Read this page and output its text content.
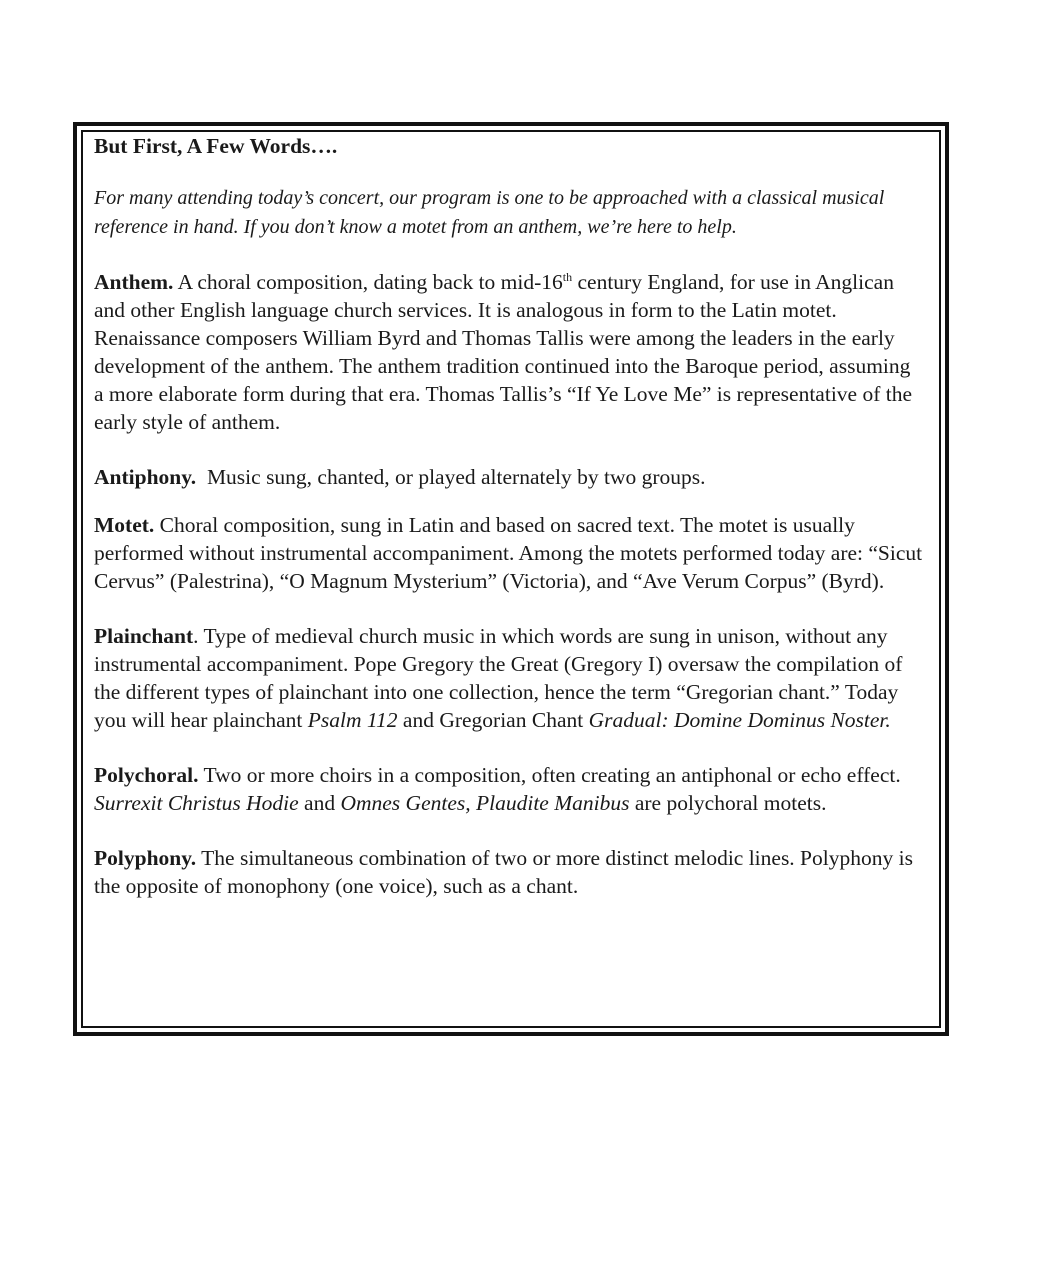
But First, A Few Words….

For many attending today’s concert, our program is one to be approached with a classical musical reference in hand. If you don’t know a motet from an anthem, we’re here to help.

Anthem. A choral composition, dating back to mid-16th century England, for use in Anglican and other English language church services. It is analogous in form to the Latin motet. Renaissance composers William Byrd and Thomas Tallis were among the leaders in the early development of the anthem. The anthem tradition continued into the Baroque period, assuming a more elaborate form during that era. Thomas Tallis’s “If Ye Love Me” is representative of the early style of anthem.

Antiphony.  Music sung, chanted, or played alternately by two groups.

Motet. Choral composition, sung in Latin and based on sacred text. The motet is usually performed without instrumental accompaniment. Among the motets performed today are: “Sicut Cervus” (Palestrina), “O Magnum Mysterium” (Victoria), and “Ave Verum Corpus” (Byrd).

Plainchant. Type of medieval church music in which words are sung in unison, without any instrumental accompaniment. Pope Gregory the Great (Gregory I) oversaw the compilation of the different types of plainchant into one collection, hence the term “Gregorian chant.” Today you will hear plainchant Psalm 112 and Gregorian Chant Gradual: Domine Dominus Noster.

Polychoral. Two or more choirs in a composition, often creating an antiphonal or echo effect. Surrexit Christus Hodie and Omnes Gentes, Plaudite Manibus are polychoral motets.

Polyphony. The simultaneous combination of two or more distinct melodic lines. Polyphony is the opposite of monophony (one voice), such as a chant.
